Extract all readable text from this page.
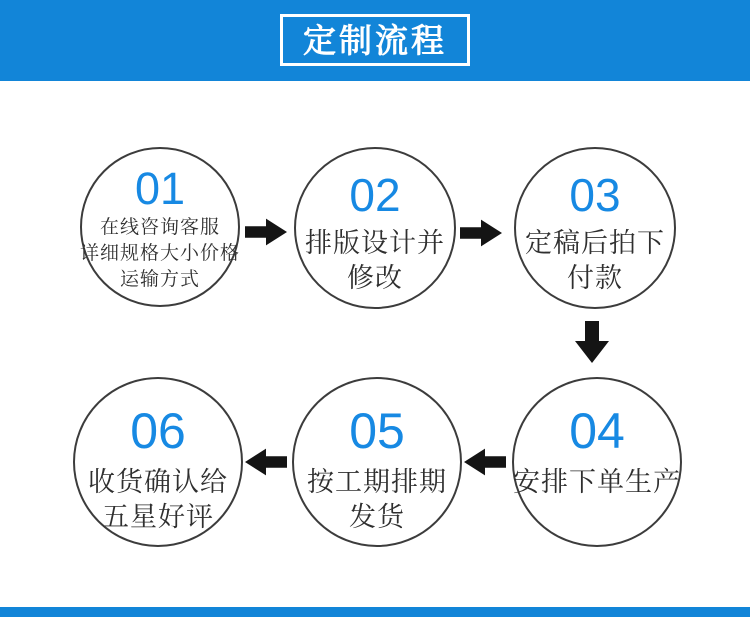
定制流程
01
在线咨询客服
详细规格大小价格
运输方式
02
排版设计并
修改
03
定稿后拍下
付款
04
安排下单生产
05
按工期排期
发货
06
收货确认给
五星好评
